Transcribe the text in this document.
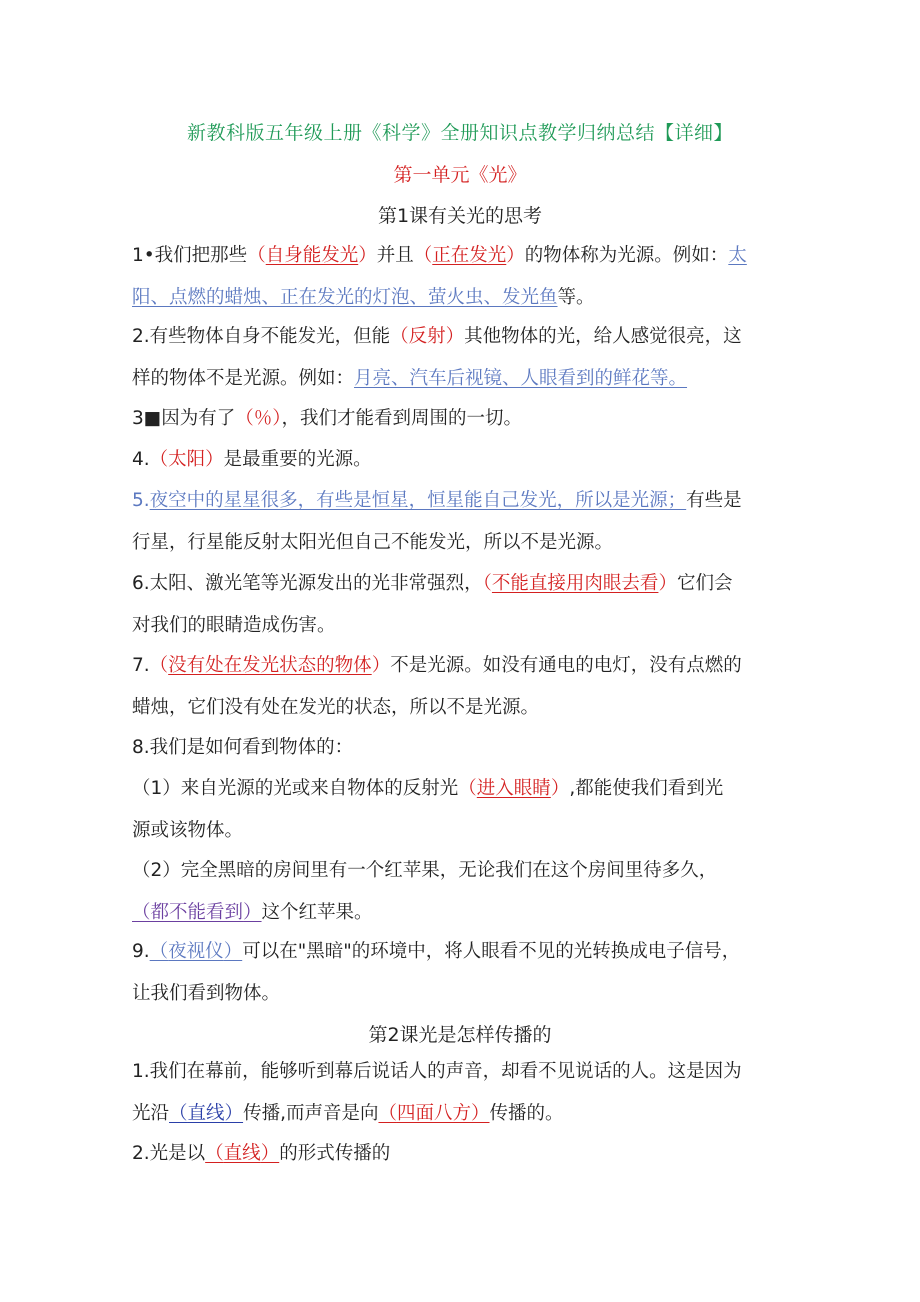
新教科版五年级上册《科学》全册知识点教学归纳总结【详细】
第一单元《光》
第1课有关光的思考
1•我们把那些（自身能发光）并且（正在发光）的物体称为光源。例如：太
阳、点燃的蜡烛、正在发光的灯泡、萤火虫、发光鱼等。
2.有些物体自身不能发光，但能（反射）其他物体的光，给人感觉很亮，这
样的物体不是光源。例如：月亮、汽车后视镜、人眼看到的鲜花等。
3■因为有了（％），我们才能看到周围的一切。
4.（太阳）是最重要的光源。
5.夜空中的星星很多，有些是恒星，恒星能自己发光，所以是光源；有些是
行星，行星能反射太阳光但自己不能发光，所以不是光源。
6.太阳、激光笔等光源发出的光非常强烈，（不能直接用肉眼去看）它们会
对我们的眼睛造成伤害。
7.（没有处在发光状态的物体）不是光源。如没有通电的电灯，没有点燃的
蜡烛，它们没有处在发光的状态，所以不是光源。
8.我们是如何看到物体的：
（1）来自光源的光或来自物体的反射光（进入眼睛）,都能使我们看到光
源或该物体。
（2）完全黑暗的房间里有一个红苹果，无论我们在这个房间里待多久，
（都不能看到）这个红苹果。
9.（夜视仪）可以在"黑暗"的环境中，将人眼看不见的光转换成电子信号，
让我们看到物体。
第2课光是怎样传播的
1.我们在幕前，能够听到幕后说话人的声音，却看不见说话的人。这是因为
光沿（直线）传播,而声音是向（四面八方）传播的。
2.光是以（直线）的形式传播的
